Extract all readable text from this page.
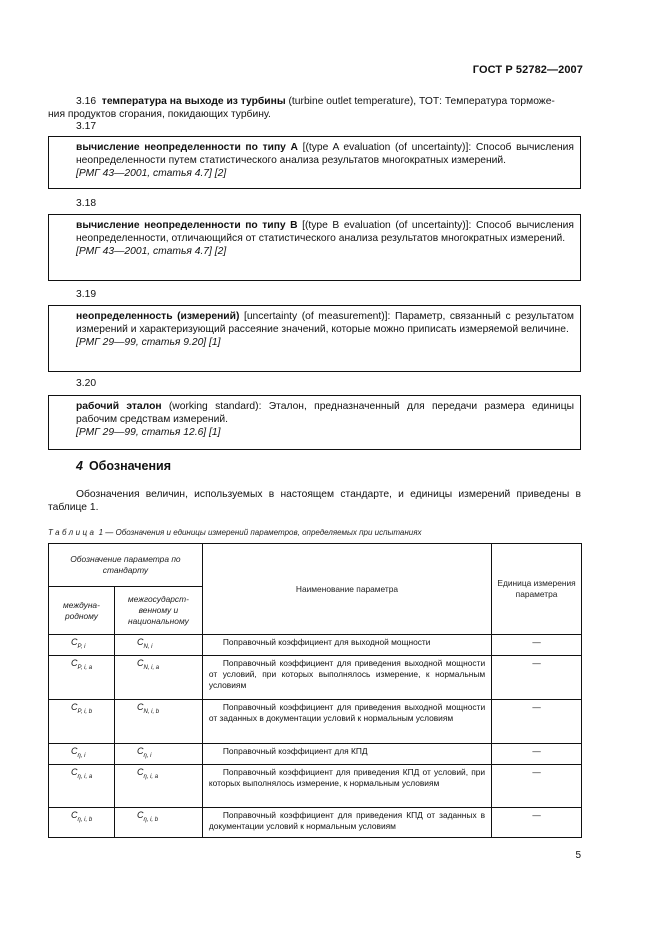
ГОСТ Р 52782—2007
3.16 температура на выходе из турбины (turbine outlet temperature), ТОТ: Температура торможе-
ния продуктов сгорания, покидающих турбину.
3.17
вычисление неопределенности по типу А [(type A evaluation (of uncertainty)]: Способ вычисления неопределенности путем статистического анализа результатов многократных измерений.
[РМГ 43—2001, статья 4.7] [2]
3.18
вычисление неопределенности по типу В [(type B evaluation (of uncertainty)]: Способ вычисления неопределенности, отличающийся от статистического анализа результатов многократных измерений.
[РМГ 43—2001, статья 4.7] [2]
3.19
неопределенность (измерений) [uncertainty (of measurement)]: Параметр, связанный с результатом измерений и характеризующий рассеяние значений, которые можно приписать измеряемой величине.
[РМГ 29—99, статья 9.20] [1]
3.20
рабочий эталон (working standard): Эталон, предназначенный для передачи размера единицы рабочим средствам измерений.
[РМГ 29—99, статья 12.6] [1]
4 Обозначения
Обозначения величин, используемых в настоящем стандарте, и единицы измерений приведены в таблице 1.
Таблица 1 — Обозначения и единицы измерений параметров, определяемых при испытаниях
Обозначение параметра по стандарту		Наименование параметра	Единица измерения параметра
международному	межгосударственному и национальному		
$C_{P, i}$	$C_{N, i}$	Поправочный коэффициент для выходной мощности	—
$C_{P, i, a}$	$C_{N, i, a}$	Поправочный коэффициент для приведения выходной мощности от условий, при которых выполнялось измерение, к нормальным условиям	—
$C_{P, i, b}$	$C_{N, i, b}$	Поправочный коэффициент для приведения выходной мощности от заданных в документации условий к нормальным условиям	—
$C_{\eta, i}$	$C_{\eta, i}$	Поправочный коэффициент для КПД	—
$C_{\eta, i, a}$	$C_{\eta, i, a}$	Поправочный коэффициент для приведения КПД от условий, при которых выполнялось измерение, к нормальным условиям	—
$C_{\eta, i, b}$	$C_{\eta, i, b}$	Поправочный коэффициент для приведения КПД от заданных в документации условий к нормальным условиям	—
5
